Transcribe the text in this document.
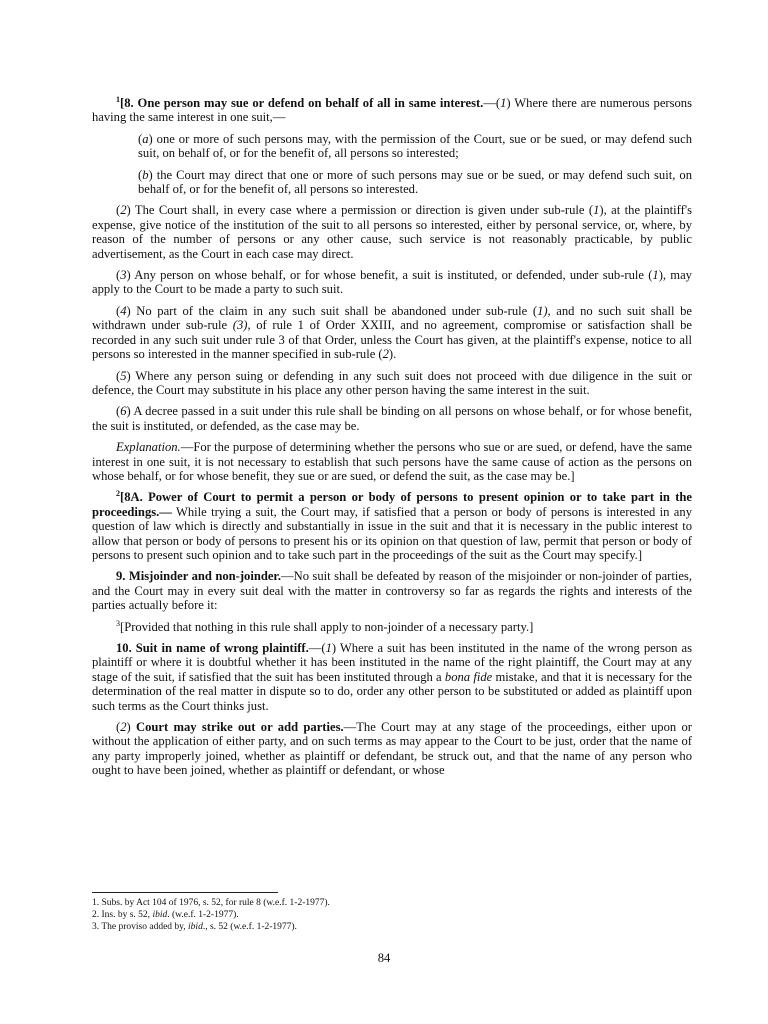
$^1$[8. One person may sue or defend on behalf of all in same interest.—(1) Where there are numerous persons having the same interest in one suit,—

(a) one or more of such persons may, with the permission of the Court, sue or be sued, or may defend such suit, on behalf of, or for the benefit of, all persons so interested;

(b) the Court may direct that one or more of such persons may sue or be sued, or may defend such suit, on behalf of, or for the benefit of, all persons so interested.

(2) The Court shall, in every case where a permission or direction is given under sub-rule (1), at the plaintiff's expense, give notice of the institution of the suit to all persons so interested, either by personal service, or, where, by reason of the number of persons or any other cause, such service is not reasonably practicable, by public advertisement, as the Court in each case may direct.

(3) Any person on whose behalf, or for whose benefit, a suit is instituted, or defended, under sub-rule (1), may apply to the Court to be made a party to such suit.

(4) No part of the claim in any such suit shall be abandoned under sub-rule (1), and no such suit shall be withdrawn under sub-rule (3), of rule 1 of Order XXIII, and no agreement, compromise or satisfaction shall be recorded in any such suit under rule 3 of that Order, unless the Court has given, at the plaintiff's expense, notice to all persons so interested in the manner specified in sub-rule (2).

(5) Where any person suing or defending in any such suit does not proceed with due diligence in the suit or defence, the Court may substitute in his place any other person having the same interest in the suit.

(6) A decree passed in a suit under this rule shall be binding on all persons on whose behalf, or for whose benefit, the suit is instituted, or defended, as the case may be.

Explanation.—For the purpose of determining whether the persons who sue or are sued, or defend, have the same interest in one suit, it is not necessary to establish that such persons have the same cause of action as the persons on whose behalf, or for whose benefit, they sue or are sued, or defend the suit, as the case may be.]

$^2$[8A. Power of Court to permit a person or body of persons to present opinion or to take part in the proceedings.— While trying a suit, the Court may, if satisfied that a person or body of persons is interested in any question of law which is directly and substantially in issue in the suit and that it is necessary in the public interest to allow that person or body of persons to present his or its opinion on that question of law, permit that person or body of persons to present such opinion and to take such part in the proceedings of the suit as the Court may specify.]

9. Misjoinder and non-joinder.—No suit shall be defeated by reason of the misjoinder or non-joinder of parties, and the Court may in every suit deal with the matter in controversy so far as regards the rights and interests of the parties actually before it:

$^3$[Provided that nothing in this rule shall apply to non-joinder of a necessary party.]

10. Suit in name of wrong plaintiff.—(1) Where a suit has been instituted in the name of the wrong person as plaintiff or where it is doubtful whether it has been instituted in the name of the right plaintiff, the Court may at any stage of the suit, if satisfied that the suit has been instituted through a bona fide mistake, and that it is necessary for the determination of the real matter in dispute so to do, order any other person to be substituted or added as plaintiff upon such terms as the Court thinks just.

(2) Court may strike out or add parties.—The Court may at any stage of the proceedings, either upon or without the application of either party, and on such terms as may appear to the Court to be just, order that the name of any party improperly joined, whether as plaintiff or defendant, be struck out, and that the name of any person who ought to have been joined, whether as plaintiff or defendant, or whose

1. Subs. by Act 104 of 1976, s. 52, for rule 8 (w.e.f. 1-2-1977).
2. Ins. by s. 52, ibid. (w.e.f. 1-2-1977).
3. The proviso added by, ibid., s. 52 (w.e.f. 1-2-1977).
84
